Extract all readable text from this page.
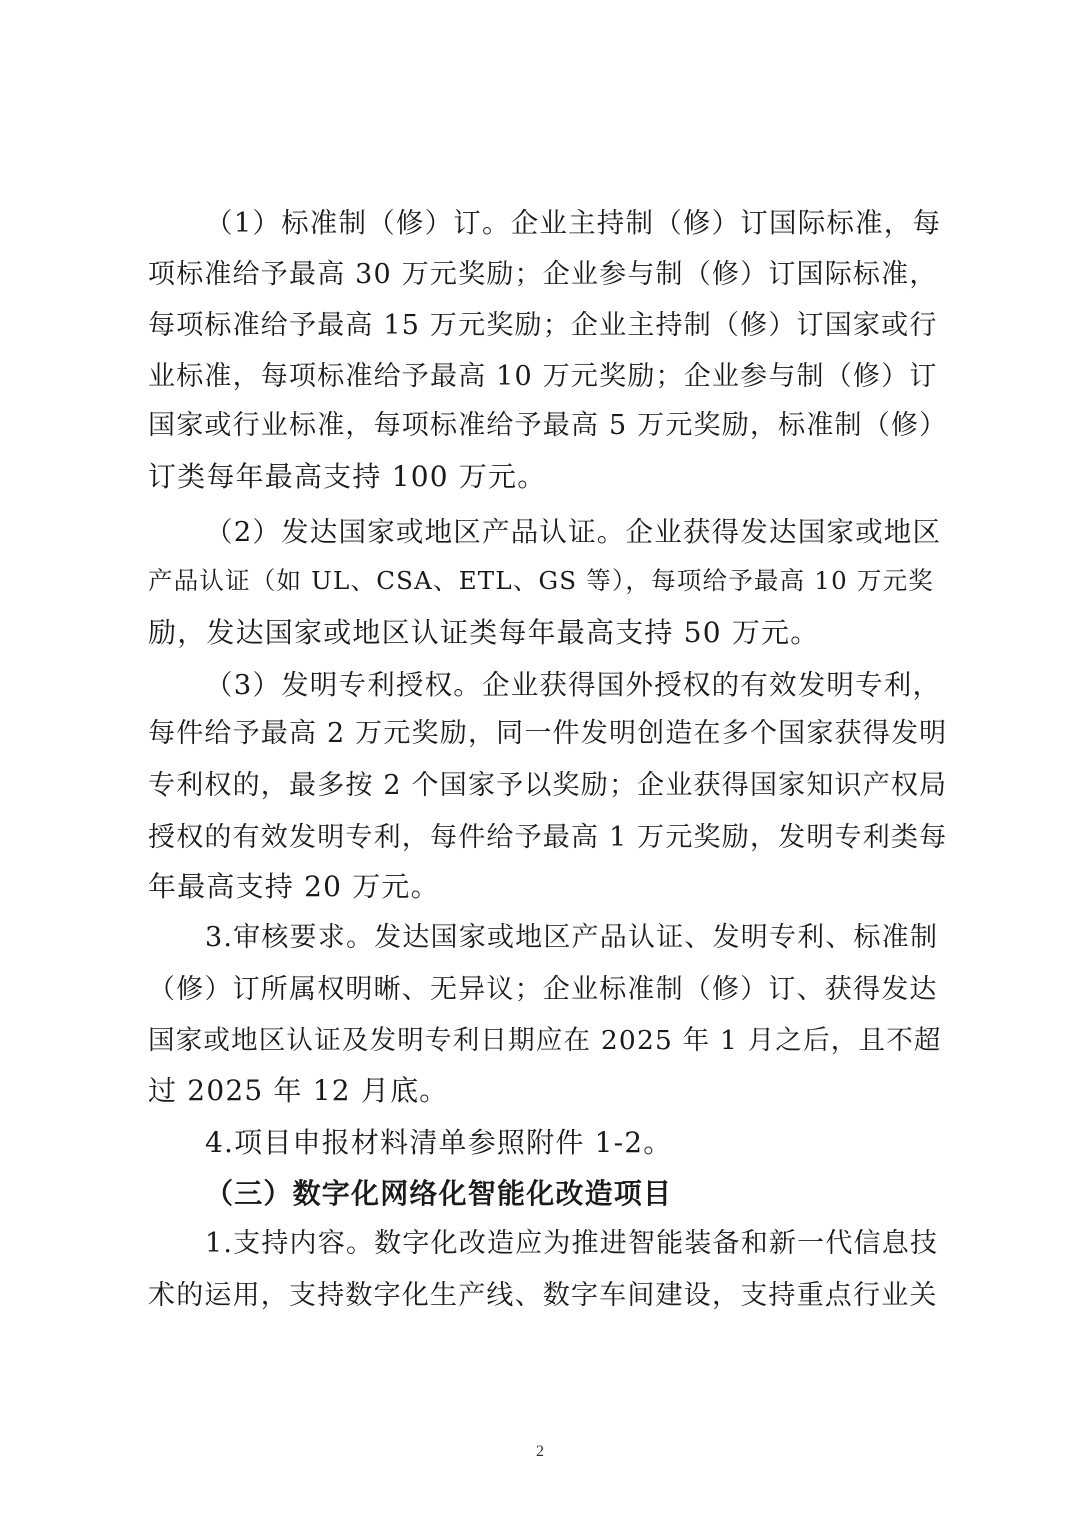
（1）标准制（修）订。企业主持制（修）订国际标准，每
项标准给予最高 30 万元奖励；企业参与制（修）订国际标准，
每项标准给予最高 15 万元奖励；企业主持制（修）订国家或行
业标准，每项标准给予最高 10 万元奖励；企业参与制（修）订
国家或行业标准，每项标准给予最高 5 万元奖励，标准制（修）
订类每年最高支持 100 万元。
（2）发达国家或地区产品认证。企业获得发达国家或地区
产品认证（如 UL、CSA、ETL、GS 等），每项给予最高 10 万元奖
励，发达国家或地区认证类每年最高支持 50 万元。
（3）发明专利授权。企业获得国外授权的有效发明专利，
每件给予最高 2 万元奖励，同一件发明创造在多个国家获得发明
专利权的，最多按 2 个国家予以奖励；企业获得国家知识产权局
授权的有效发明专利，每件给予最高 1 万元奖励，发明专利类每
年最高支持 20 万元。
3.审核要求。发达国家或地区产品认证、发明专利、标准制
（修）订所属权明晰、无异议；企业标准制（修）订、获得发达
国家或地区认证及发明专利日期应在 2025 年 1 月之后，且不超
过 2025 年 12 月底。
4.项目申报材料清单参照附件 1-2。
（三）数字化网络化智能化改造项目
1.支持内容。数字化改造应为推进智能装备和新一代信息技
术的运用，支持数字化生产线、数字车间建设，支持重点行业关
2
